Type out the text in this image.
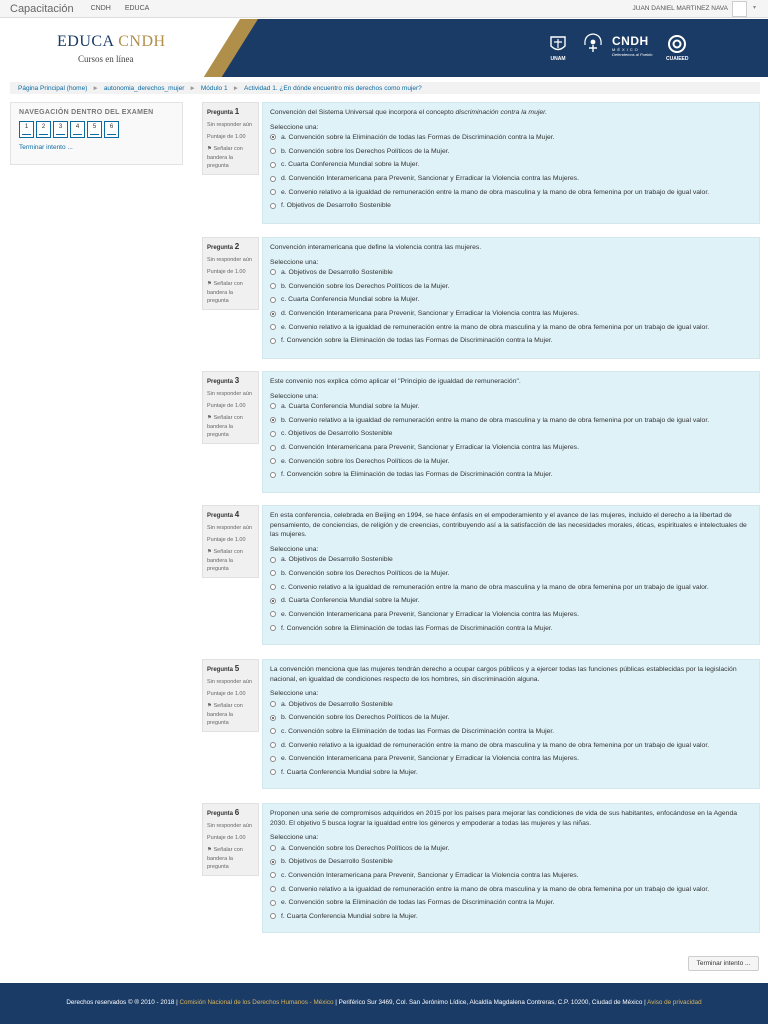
Capacitación CNDH EDUCA	JUAN DANIEL MARTINEZ NAVA	▾
EDUCA CNDH
Cursos en línea	UNAM
CNDH
MÉXICO
Defendemos al Pueblo
CUAIEED
Página Principal (home) ► autonomia_derechos_mujer ► Módulo 1 ► Actividad 1. ¿En dónde encuentro mis derechos como mujer?
NAVEGACIÓN DENTRO DEL EXAMEN
1	2	3	4	5	6
Terminar intento ...
Pregunta 1
Sin responder aún
Puntaje de 1.00
⚑ Señalar con bandera la pregunta
Convención del Sistema Universal que incorpora el concepto discriminación contra la mujer.
Seleccione una:
a. Convención sobre la Eliminación de todas las Formas de Discriminación contra la Mujer.
b. Convención sobre los Derechos Políticos de la Mujer.
c. Cuarta Conferencia Mundial sobre la Mujer.
d. Convención Interamericana para Prevenir, Sancionar y Erradicar la Violencia contra las Mujeres.
e. Convenio relativo a la igualdad de remuneración entre la mano de obra masculina y la mano de obra femenina por un trabajo de igual valor.
f. Objetivos de Desarrollo Sostenible
Pregunta 2
Sin responder aún
Puntaje de 1.00
⚑ Señalar con bandera la pregunta
Convención interamericana que define la violencia contra las mujeres.
Seleccione una:
a. Objetivos de Desarrollo Sostenible
b. Convención sobre los Derechos Políticos de la Mujer.
c. Cuarta Conferencia Mundial sobre la Mujer.
d. Convención Interamericana para Prevenir, Sancionar y Erradicar la Violencia contra las Mujeres.
e. Convenio relativo a la igualdad de remuneración entre la mano de obra masculina y la mano de obra femenina por un trabajo de igual valor.
f. Convención sobre la Eliminación de todas las Formas de Discriminación contra la Mujer.
Pregunta 3
Sin responder aún
Puntaje de 1.00
⚑ Señalar con bandera la pregunta
Este convenio nos explica cómo aplicar el "Principio de igualdad de remuneración".
Seleccione una:
a. Cuarta Conferencia Mundial sobre la Mujer.
b. Convenio relativo a la igualdad de remuneración entre la mano de obra masculina y la mano de obra femenina por un trabajo de igual valor.
c. Objetivos de Desarrollo Sostenible
d. Convención Interamericana para Prevenir, Sancionar y Erradicar la Violencia contra las Mujeres.
e. Convención sobre los Derechos Políticos de la Mujer.
f. Convención sobre la Eliminación de todas las Formas de Discriminación contra la Mujer.
Pregunta 4
Sin responder aún
Puntaje de 1.00
⚑ Señalar con bandera la pregunta
En esta conferencia, celebrada en Beijing en 1994, se hace énfasis en el empoderamiento y el avance de las mujeres, incluido el derecho a la libertad de pensamiento, de conciencias, de religión y de creencias, contribuyendo así a la satisfacción de las necesidades morales, éticas, espirituales e intelectuales de las mujeres.
Seleccione una:
a. Objetivos de Desarrollo Sostenible
b. Convención sobre los Derechos Políticos de la Mujer.
c. Convenio relativo a la igualdad de remuneración entre la mano de obra masculina y la mano de obra femenina por un trabajo de igual valor.
d. Cuarta Conferencia Mundial sobre la Mujer.
e. Convención Interamericana para Prevenir, Sancionar y Erradicar la Violencia contra las Mujeres.
f. Convención sobre la Eliminación de todas las Formas de Discriminación contra la Mujer.
Pregunta 5
Sin responder aún
Puntaje de 1.00
⚑ Señalar con bandera la pregunta
La convención menciona que las mujeres tendrán derecho a ocupar cargos públicos y a ejercer todas las funciones públicas establecidas por la legislación nacional, en igualdad de condiciones respecto de los hombres, sin discriminación alguna.
Seleccione una:
a. Objetivos de Desarrollo Sostenible
b. Convención sobre los Derechos Políticos de la Mujer.
c. Convención sobre la Eliminación de todas las Formas de Discriminación contra la Mujer.
d. Convenio relativo a la igualdad de remuneración entre la mano de obra masculina y la mano de obra femenina por un trabajo de igual valor.
e. Convención Interamericana para Prevenir, Sancionar y Erradicar la Violencia contra las Mujeres.
f. Cuarta Conferencia Mundial sobre la Mujer.
Pregunta 6
Sin responder aún
Puntaje de 1.00
⚑ Señalar con bandera la pregunta
Proponen una serie de compromisos adquiridos en 2015 por los países para mejorar las condiciones de vida de sus habitantes, enfocándose en la Agenda 2030. El objetivo 5 busca lograr la igualdad entre los géneros y empoderar a todas las mujeres y las niñas.
Seleccione una:
a. Convención sobre los Derechos Políticos de la Mujer.
b. Objetivos de Desarrollo Sostenible
c. Convención Interamericana para Prevenir, Sancionar y Erradicar la Violencia contra las Mujeres.
d. Convenio relativo a la igualdad de remuneración entre la mano de obra masculina y la mano de obra femenina por un trabajo de igual valor.
e. Convención sobre la Eliminación de todas las Formas de Discriminación contra la Mujer.
f. Cuarta Conferencia Mundial sobre la Mujer.
Terminar intento ...
Derechos reservados © ® 2010 - 2018 | Comisión Nacional de los Derechos Humanos - México | Periférico Sur 3469, Col. San Jerónimo Lídice, Alcaldía Magdalena Contreras, C.P. 10200, Ciudad de México | Aviso de privacidad
